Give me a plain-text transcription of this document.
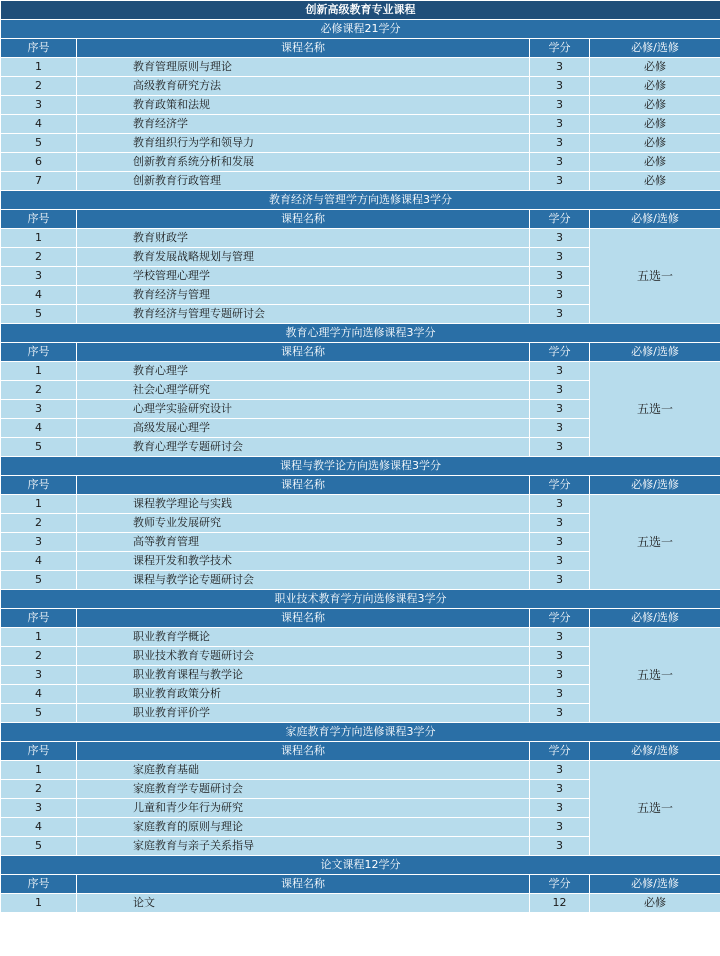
创新高级教育专业课程			
必修课程21学分			
序号	课程名称	学分	必修/选修
1	教育管理原则与理论	3	必修
2	高级教育研究方法	3	必修
3	教育政策和法规	3	必修
4	教育经济学	3	必修
5	教育组织行为学和领导力	3	必修
6	创新教育系统分析和发展	3	必修
7	创新教育行政管理	3	必修
教育经济与管理学方向选修课程3学分			
序号	课程名称	学分	必修/选修
1	教育财政学	3	五选一
2	教育发展战略规划与管理	3	
3	学校管理心理学	3	
4	教育经济与管理	3	
5	教育经济与管理专题研讨会	3	
教育心理学方向选修课程3学分			
序号	课程名称	学分	必修/选修
1	教育心理学	3	五选一
2	社会心理学研究	3	
3	心理学实验研究设计	3	
4	高级发展心理学	3	
5	教育心理学专题研讨会	3	
课程与教学论方向选修课程3学分			
序号	课程名称	学分	必修/选修
1	课程教学理论与实践	3	五选一
2	教师专业发展研究	3	
3	高等教育管理	3	
4	课程开发和教学技术	3	
5	课程与教学论专题研讨会	3	
职业技术教育学方向选修课程3学分			
序号	课程名称	学分	必修/选修
1	职业教育学概论	3	五选一
2	职业技术教育专题研讨会	3	
3	职业教育课程与教学论	3	
4	职业教育政策分析	3	
5	职业教育评价学	3	
家庭教育学方向选修课程3学分			
序号	课程名称	学分	必修/选修
1	家庭教育基础	3	五选一
2	家庭教育学专题研讨会	3	
3	儿童和青少年行为研究	3	
4	家庭教育的原则与理论	3	
5	家庭教育与亲子关系指导	3	
论文课程12学分			
序号	课程名称	学分	必修/选修
1	论文	12	必修
